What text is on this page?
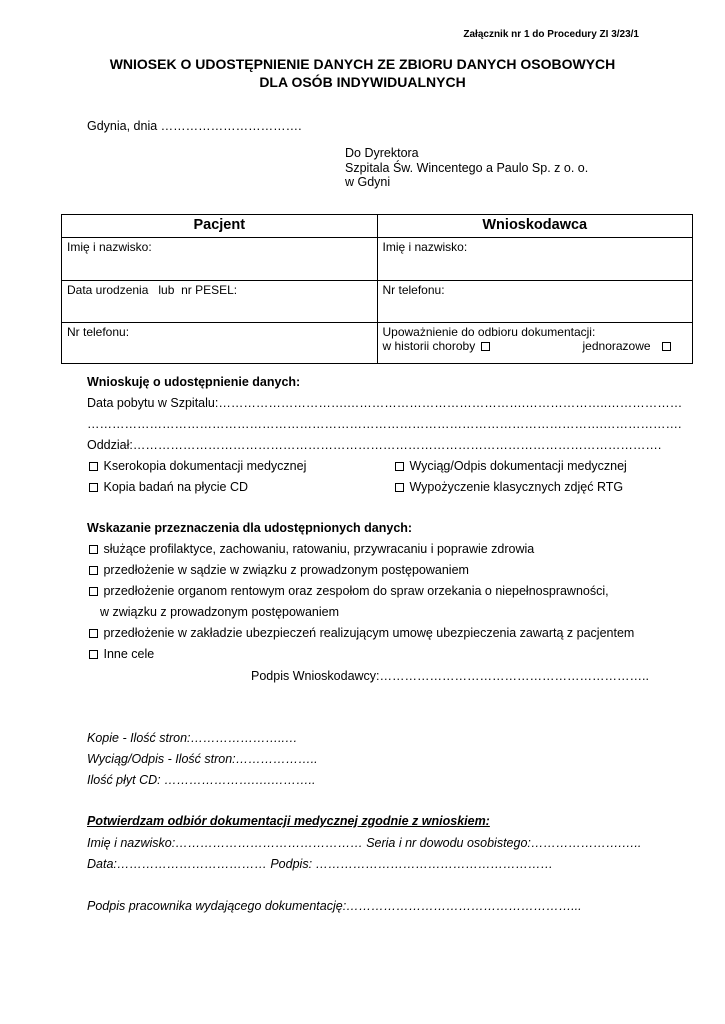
Załącznik nr 1 do Procedury ZI 3/23/1
WNIOSEK O UDOSTĘPNIENIE DANYCH ZE ZBIORU DANYCH OSOBOWYCH
DLA OSÓB INDYWIDUALNYCH
Gdynia, dnia …………………………….
Do Dyrektora
Szpitala Św. Wincentego a Paulo Sp. z o. o.
w Gdyni
Pacjent	Wnioskodawca
Imię i nazwisko:	Imię i nazwisko:
Data urodzenia   lub  nr PESEL:	Nr telefonu:
Nr telefonu:	Upoważnienie do odbioru dokumentacji:
w historii choroby jednorazowe
Wnioskuję o udostępnienie danych:
Data pobytu w Szpitalu:………………………….…………………………………….………………..………………
…………………………………………………………………………………………………………….……………….
Oddział:……………………………………………………………………………………………………………….
Kserokopia dokumentacji medycznej	Wyciąg/Odpis dokumentacji medycznej
Kopia badań na płycie CD	Wypożyczenie klasycznych zdjęć RTG
Wskazanie przeznaczenia dla udostępnionych danych:
służące profilaktyce, zachowaniu, ratowaniu, przywracaniu i poprawie zdrowia
przedłożenie w sądzie w związku z prowadzonym postępowaniem
przedłożenie organom rentowym oraz zespołom do spraw orzekania o niepełnosprawności,
w związku z prowadzonym postępowaniem
przedłożenie w zakładzie ubezpieczeń realizującym umowę ubezpieczenia zawartą z pacjentem
Inne cele
Podpis Wnioskodawcy:………………………………………………………..
Kopie - Ilość stron:…………………..…
Wyciąg/Odpis - Ilość stron:………………..
Ilość płyt CD: ………………….….………..
Potwierdzam odbiór dokumentacji medycznej zgodnie z wnioskiem:
Imię i nazwisko:……………………………………… Seria i nr dowodu osobistego:………………….…..
Data:……………………………… Podpis: …………………………………………………
Podpis pracownika wydającego dokumentację:………………………………………………...
